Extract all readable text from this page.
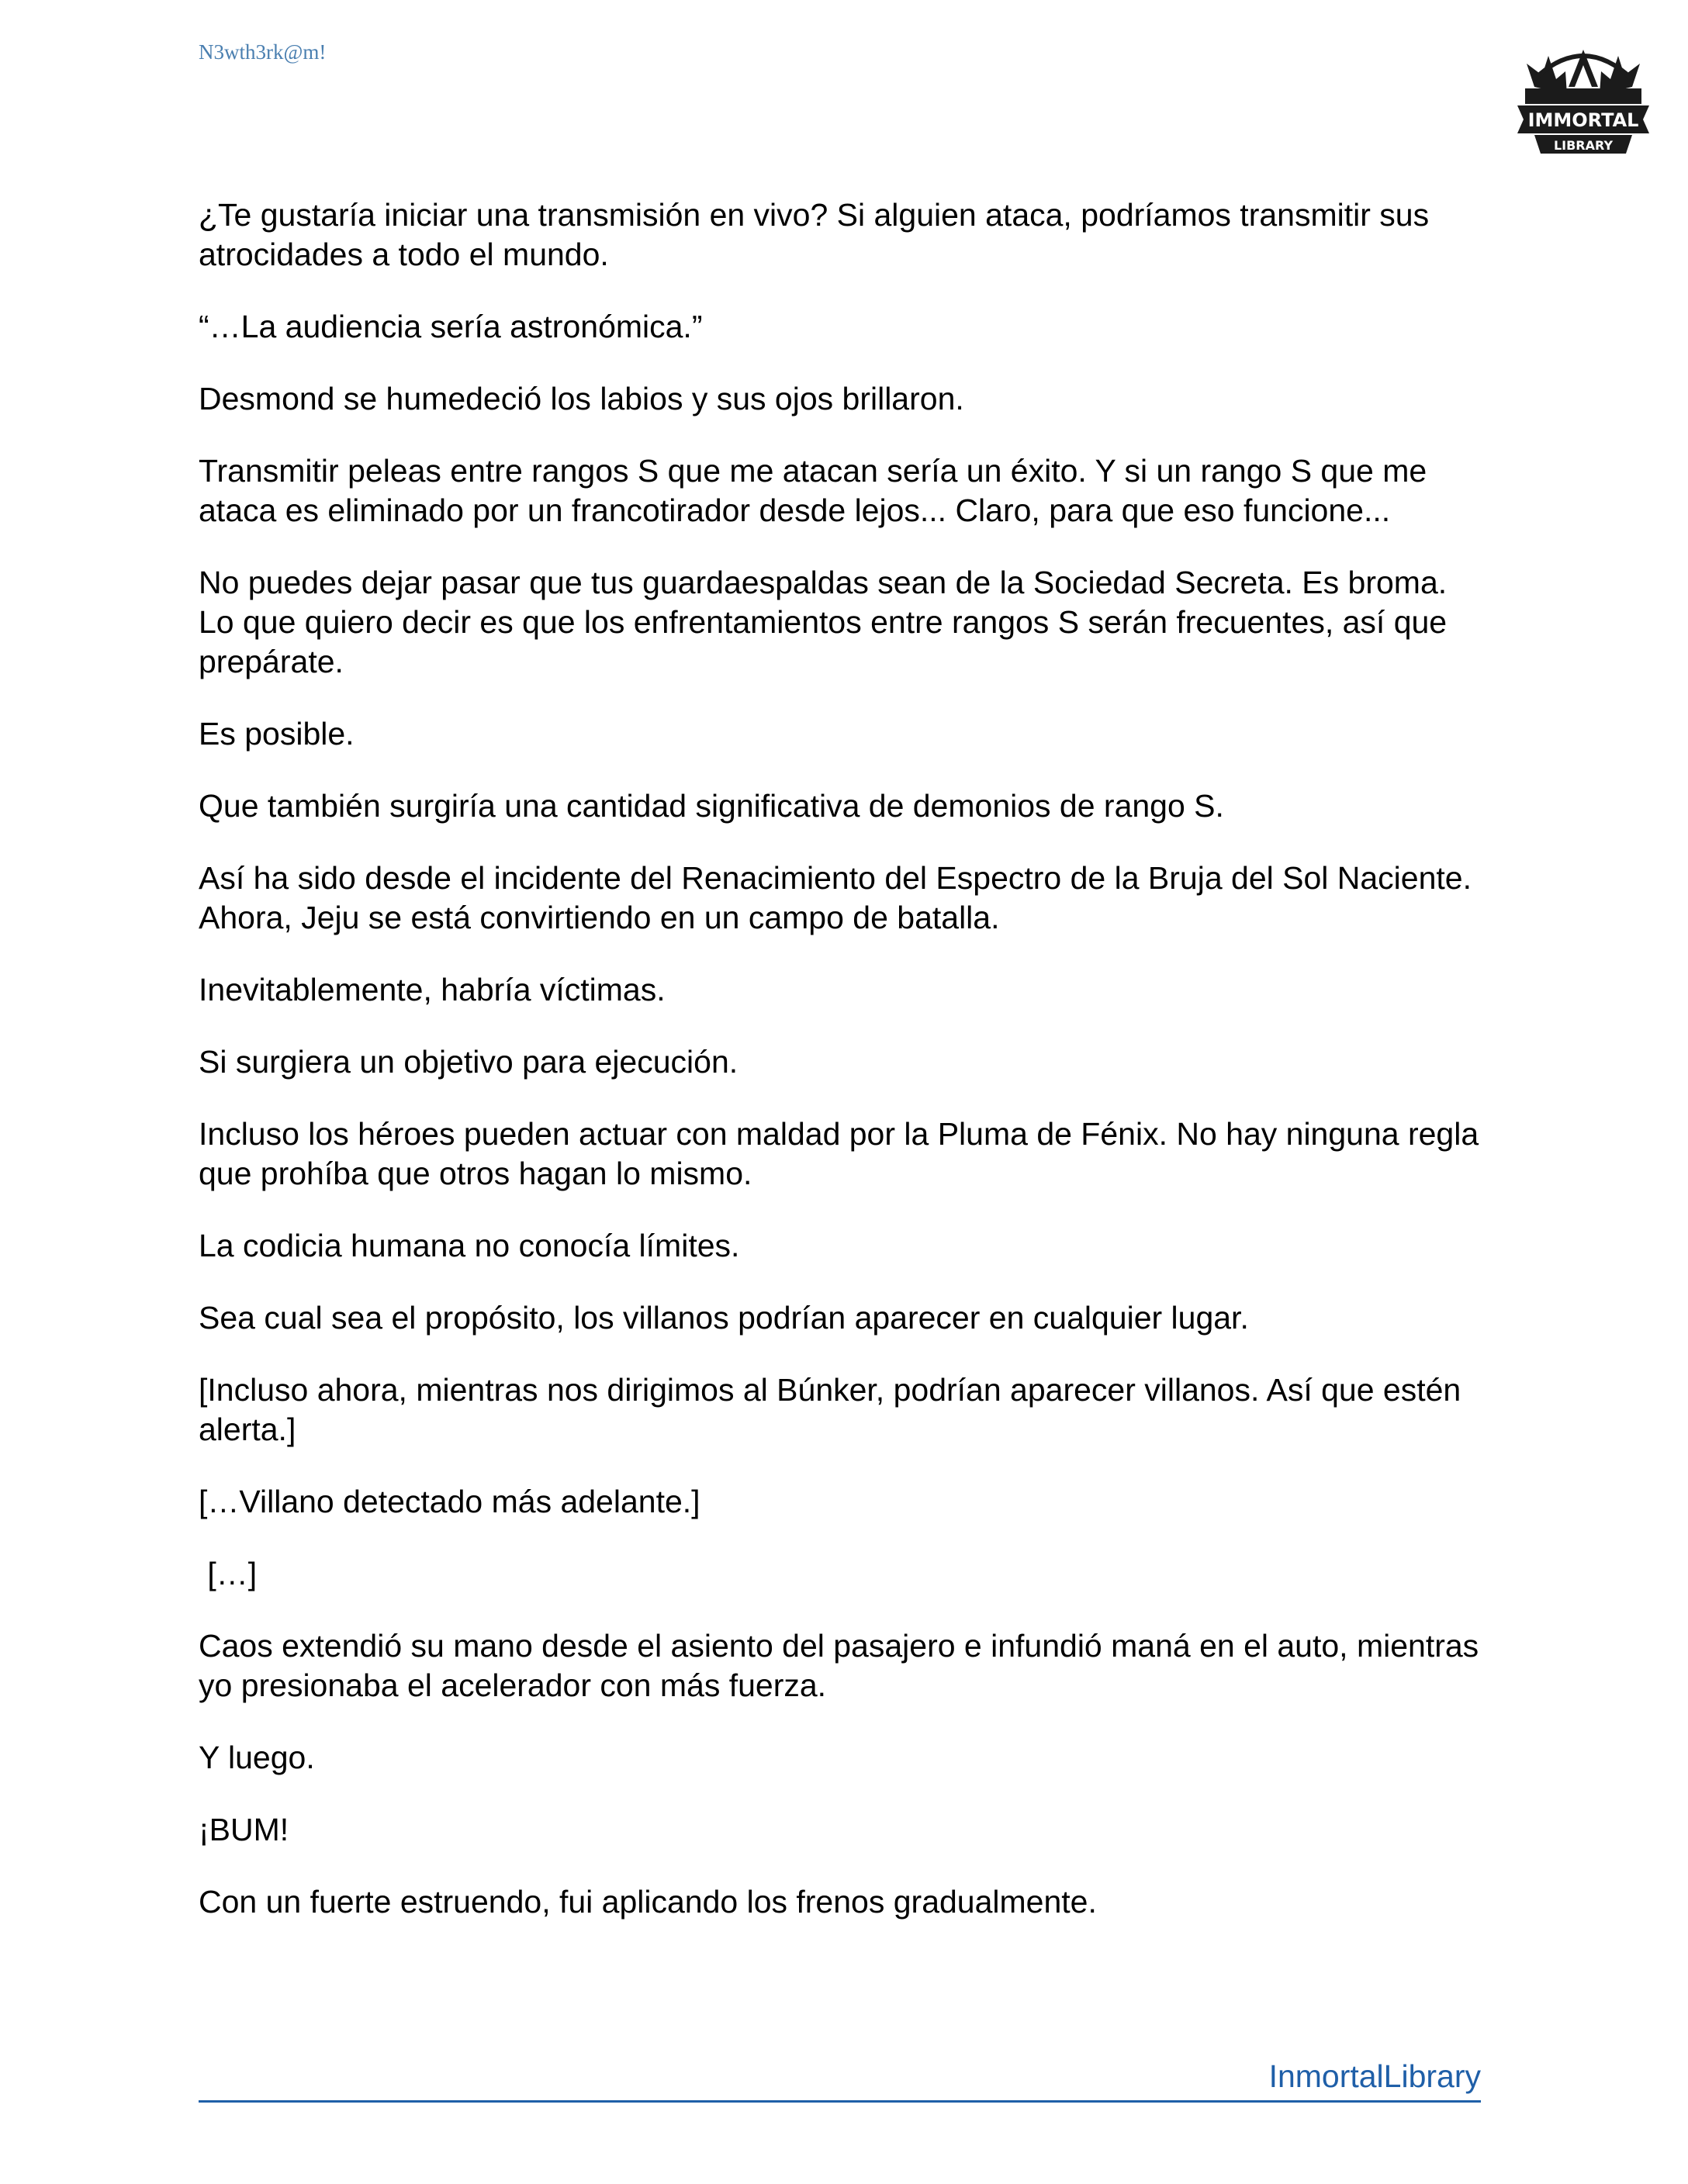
N3wth3rk@m!
IMMORTAL
LIBRARY

¿Te gustaría iniciar una transmisión en vivo? Si alguien ataca, podríamos transmitir sus atrocidades a todo el mundo.

“…La audiencia sería astronómica.”

Desmond se humedeció los labios y sus ojos brillaron.

Transmitir peleas entre rangos S que me atacan sería un éxito. Y si un rango S que me ataca es eliminado por un francotirador desde lejos... Claro, para que eso funcione...

No puedes dejar pasar que tus guardaespaldas sean de la Sociedad Secreta. Es broma. Lo que quiero decir es que los enfrentamientos entre rangos S serán frecuentes, así que prepárate.

Es posible.

Que también surgiría una cantidad significativa de demonios de rango S.

Así ha sido desde el incidente del Renacimiento del Espectro de la Bruja del Sol Naciente. Ahora, Jeju se está convirtiendo en un campo de batalla.

Inevitablemente, habría víctimas.

Si surgiera un objetivo para ejecución.

Incluso los héroes pueden actuar con maldad por la Pluma de Fénix. No hay ninguna regla que prohíba que otros hagan lo mismo.

La codicia humana no conocía límites.

Sea cual sea el propósito, los villanos podrían aparecer en cualquier lugar.

[Incluso ahora, mientras nos dirigimos al Búnker, podrían aparecer villanos. Así que estén alerta.]

[…Villano detectado más adelante.]

[…]

Caos extendió su mano desde el asiento del pasajero e infundió maná en el auto, mientras yo presionaba el acelerador con más fuerza.

Y luego.

¡BUM!

Con un fuerte estruendo, fui aplicando los frenos gradualmente.

InmortalLibrary
